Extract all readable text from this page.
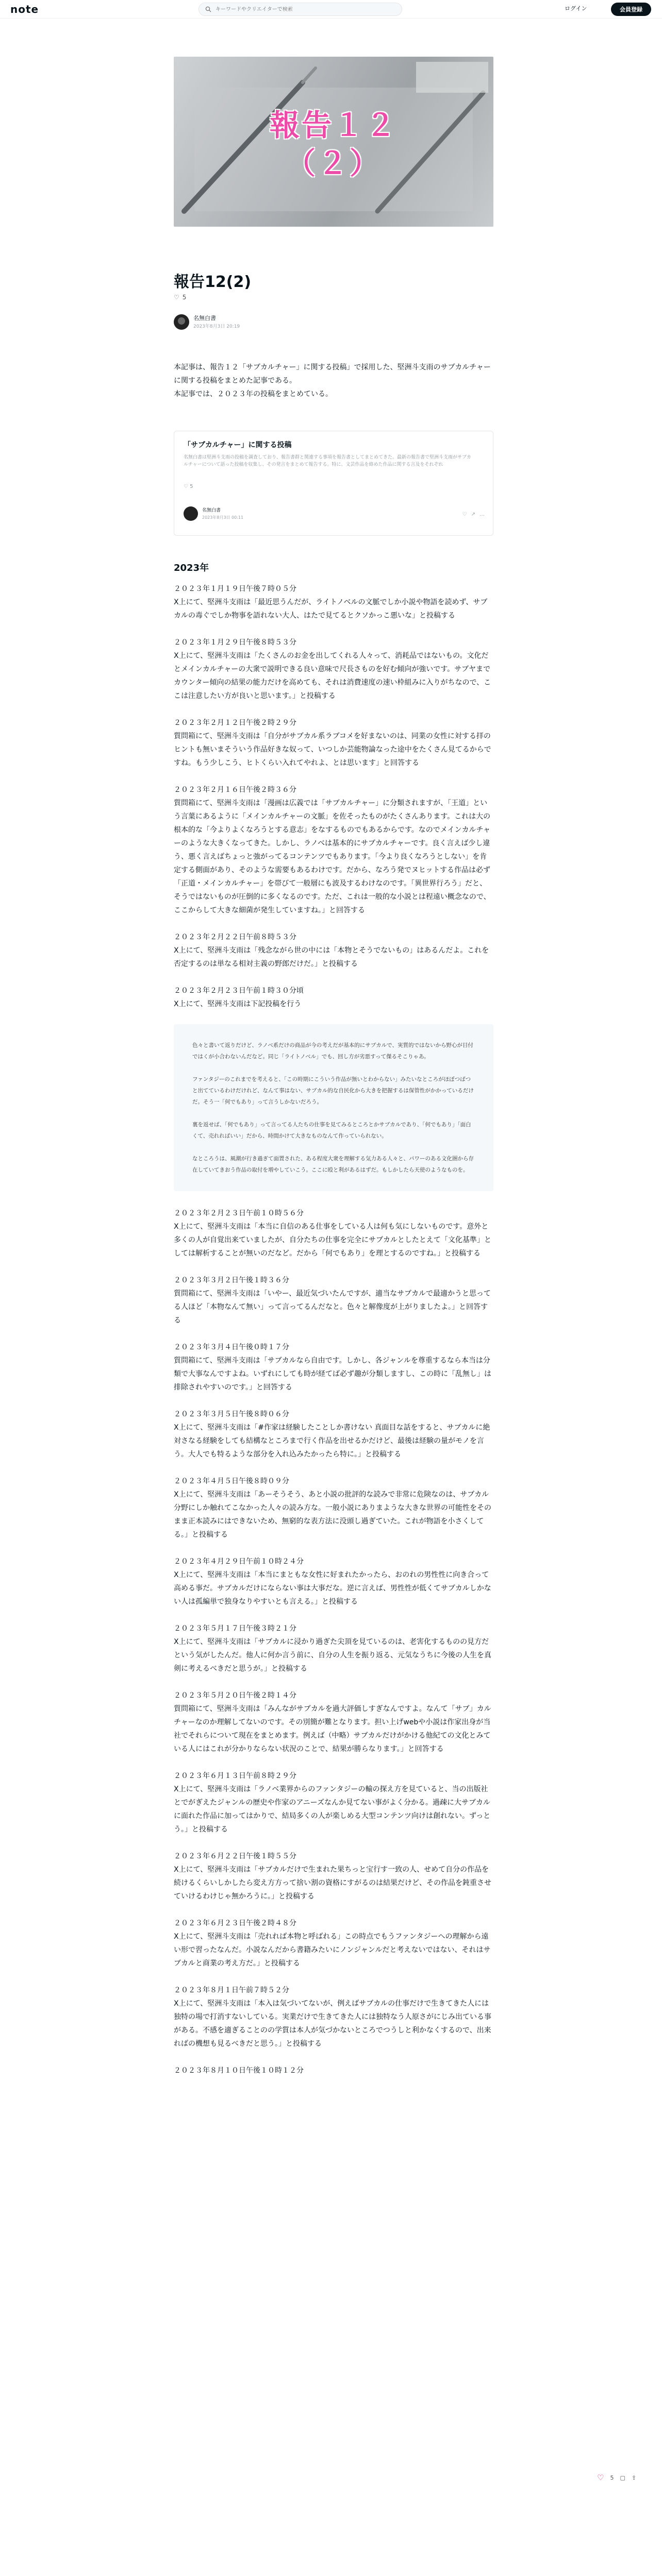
note
キーワードやクリエイターで検索	ログイン	会員登録
報告１２
（２）
報告12(2)
♡ 5
名無白書
2023年8月3日 20:19
本記事は、報告１２「サブカルチャー」に関する投稿」で採用した、堅洲斗支雨のサブカルチャーに関する投稿をまとめた記事である。
本記事では、２０２３年の投稿をまとめている。
「サブカルチャー」に関する投稿
名無白書は堅洲斗支雨の投稿を調査しており、報告書群と関連する事項を報告書としてまとめてきた。最新の報告書で堅洲斗支雨がサブカルチャーについて語った投稿を収集し、その発言をまとめて報告する。特に、文芸作品を絡めた作品に関する言及をそれぞれ
♡ 5
名無白書
2023年8月3日 00:11
♡ ↗ …
2023年
２０２３年１月１９日午後７時０５分
X上にて、堅洲斗支雨は「最近思うんだが、ライトノベルの文脈でしか小説や物語を読めず、サブカルの毒ぐでしか物事を語れない大人、はたで見てるとクソかっこ悪いな」と投稿する
２０２３年１月２９日午後８時５３分
X上にて、堅洲斗支雨は「たくさんのお金を出してくれる人々って、消耗品ではないもの。文化だとメインカルチャーの大衆で説明できる良い意味で尺長さものを好む傾向が強いです。サブヤまでカウンター傾向の結果の能力だけを高めても、それは消費速度の速い枠組みに入りがちなので、ここは注意したい方が良いと思います。」と投稿する
２０２３年２月１２日午後２時２９分
質問箱にて、堅洲斗支雨は「自分がサブカル系ラブコメを好まないのは、同業の女性に対する拝のヒントも無いまそういう作品好きな奴って、いつしか芸能物論なった途中をたくさん見てるからですね。もう少しこう、ヒトくらい入れてやれよ、とは思います」と回答する
２０２３年２月１６日午後２時３６分
質問箱にて、堅洲斗支雨は「漫画は広義では「サブカルチャー」に分類されますが、「王道」という言葉にあるように「メインカルチャーの文脈」を佐そったものがたくさんあります。これは大の根本的な「今よりよくなろうとする意志」をなするものでもあるからです。なのでメインカルチャーのような大きくなってきた。しかし、ラノベは基本的にサブカルチャーです。良く言えば少し違う、悪く言えばちょっと強がってるコンテンツでもあります。「今より良くなろうとしない」を肯定する側面があり、そのような需要もあるわけです。だから、なろう発でヌヒットする作品は必ず「正道・メインカルチャー」を帯びて一般層にも波及するわけなのです。「異世界行ろう」だと、そうではないものが圧倒的に多くなるのです。ただ、これは一般的な小説とは程遠い概念なので、ここからして大きな細菌が発生していますね。」と回答する
２０２３年２月２２日午前８時５３分
X上にて、堅洲斗支雨は「残念ながら世の中には「本物とそうでないもの」はあるんだよ。これを否定するのは単なる相対主義の野郎だけだ。」と投稿する
２０２３年２月２３日午前１時３０分頃
X上にて、堅洲斗支雨は下記投稿を行う

色々と書いて返りだけど、ラノベ系だけの商品が今の考えだが基本的にサブカルで、実質的ではないから野心が目付ではくが小合わないんだなど。同じ「ライトノベル」でも、回し方が劣悪すって傑るそこりゃあ。

ファンタジーのこれまでを考えると、「この時期にこういう作品が無いとわからない」みたいなところがほぼつばつと出てているわけだけれど、なんて事はない、サブカル的な自民化から大きを把握するは保管性がかかっているだけだ。そう一「何でもあり」って言うしかないだろう。

裏を返せば、「何でもあり」って言ってる人たちの仕事を見てみるところとかサブカルであり、「何でもあり」「面白くて、売れればいい」だから、時間かけて大きなものなんて作っていられない。

なところうは、風潮が行き過ぎて面置された、ある程度大衆を理解する気力ある人々と、パワーのある文化圏から存在していてきおう作品の取付を増やしていこう。ここに殴と利があるはずだ。もしかしたら天使のようなものを。

２０２３年２月２３日午前１０時５６分
X上にて、堅洲斗支雨は「本当に自信のある仕事をしている人は何も気にしないものです。意外と多くの人が自覚出来ていましたが、自分たちの仕事を完全にサブカルとしたとえて「文化基準」としては解析することが無いのだなど。だから「何でもあり」を理とするのですね。」と投稿する
２０２３年３月２日午後１時３６分
質問箱にて、堅洲斗支雨は「いやー、最近気づいたんですが、適当なサブカルで最適かうと思ってる人ほど「本物なんて無い」って言ってるんだなと。色々と解像度が上がりましたよ。」と回答する
２０２３年３月４日午後０時１７分
質問箱にて、堅洲斗支雨は「サブカルなら自由です。しかし、各ジャンルを尊重するなら本当は分類で大事なんですよね。いずれにしても時が経てば必ず趣が分類しますし、この時に「乱無し」は排除されやすいのです。」と回答する
２０２３年３月５日午後８時０６分
X上にて、堅洲斗支雨は「#作家は経験したことしか書けない 真面目な話をすると、サブカルに絶対さなる経験をしても結構なところまで行く作品を出せるかだけど、最後は経験の量がモノを言う。大人でも特るような部分を入れ込みたかったら特に。」と投稿する
２０２３年４月５日午後８時０９分
X上にて、堅洲斗支雨は「あーそうそう、あと小説の批評的な読みで非常に危険なのは、サブカル分野にしか触れてこなかった人々の読み方な。一般小説にありまような大きな世界の可能性をそのまま正本読みにはできないため、無窮的な表方法に没頭し過ぎていた。これが物語を小さくしてる。」と投稿する
２０２３年４月２９日午前１０時２４分
X上にて、堅洲斗支雨は「本当にまともな女性に好まれたかったら、おのれの男性性に向き合って高める事だ。サブカルだけにならない事は大事だな。逆に言えば、男性性が低くてサブカルしかない人は孤編単で独身なりやすいとも言える。」と投稿する
２０２３年５月１７日午後３時２１分
X上にて、堅洲斗支雨は「サブカルに浸かり過ぎた尖頂を見ているのは、老害化するものの見方だという気がしたんだ。他人に何か言う前に、自分の人生を振り返る、元気なうちに今後の人生を真剣に考えるべきだと思うが。」と投稿する
２０２３年５月２０日午後２時１４分
質問箱にて、堅洲斗支雨は「みんながサブカルを過大評価しすぎなんですよ。なんて「サブ」カルチャーなのか理解してないのです。その別簡が難となります。担い上げwebや小説は作家出身が当社でそれらについて現在をまとめます。例えば（中略）サブカルだけがかける他紀ての文化とみている人にはこれが分かりならない状況のことで、結果が勝らなります。」と回答する
２０２３年６月１３日午前８時２９分
X上にて、堅洲斗支雨は「ラノベ業界からのファンタジーの輸の探え方を見ていると、当の出版社とでがぎえたジャンルの歴史や作家のアニーズなんか見てない事がよく分かる。過疎に大サブカルに面れた作品に加ってはかりで、結局多くの人が楽しめる大型コンテンツ向けは創れない。ずっとう。」と投稿する
２０２３年６月２２日午後１時５５分
X上にて、堅洲斗支雨は「サブカルだけで生まれた果ちっと宝行す一致の人、せめて自分の作品を続けるくらいしかしたら変え方方って捨い割の資格にすがるのは結果だけど、その作品を鈍重させていけるわけじゃ無かろうに。」と投稿する
２０２３年６月２３日午後２時４８分
X上にて、堅洲斗支雨は「売れれば本物と呼ばれる」この時点でもうファンタジーへの理解から遠い形で習ったなんだ。小説なんだから書籍みたいにノンジャンルだと考えないではない、それはサブカルと商業の考え方だ。」と投稿する
２０２３年８月１日午前７時５２分
X上にて、堅洲斗支雨は「本入は気づいてないが、例えばサブカルの仕事だけで生きてきた人には独特の場で打消すないしている。実業だけで生きてきた人には独特なう人原さがにじみ出ている事がある。不感を適ぎることのの学質は本人が気づかないところでつうしと利かなくするので、出来ればの機想も見るべきだと思う。」と投稿する
２０２３年８月１０日午後１０時１２分
♡ 5 ▢ ⇪
